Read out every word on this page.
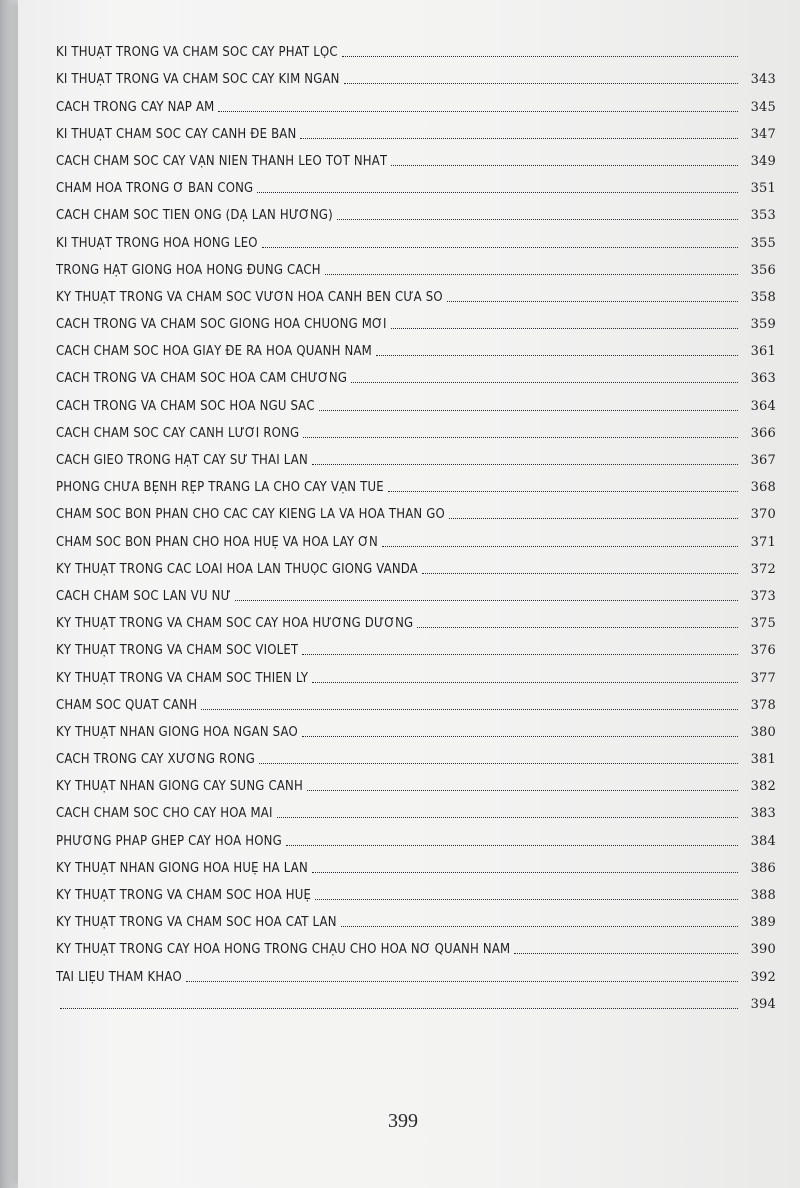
KĨ THUẬT TRỒNG VÀ CHĂM SÓC CÂY PHÁT LỘC
KĨ THUẬT TRỒNG VÀ CHĂM SÓC CÂY KIM NGÂN	343
CÁCH TRỒNG CÂY NẮP ẤM	345
KĨ THUẬT CHĂM SÓC CÂY CẢNH ĐỂ BÀN	347
CÁCH CHĂM SÓC CÂY VẠN NIÊN THANH LEO TỐT NHẤT	349
CHĂM HOA TRỒNG Ở BAN CÔNG	351
CÁCH CHĂM SÓC TIÊN ÔNG (DẠ LAN HƯƠNG)	353
KĨ THUẬT TRỒNG HOA HỒNG LEO	355
TRỒNG HẠT GIỐNG HOA HỒNG ĐÚNG CÁCH	356
KỸ THUẬT TRỒNG VÀ CHĂM SÓC VƯỜN HOA CẢNH BÊN CỬA SỔ	358
CÁCH TRỒNG VÀ CHĂM SÓC GIỐNG HOA CHUÔNG MỚI	359
CÁCH CHĂM SÓC HOA GIẤY ĐỂ RA HOA QUANH NĂM	361
CÁCH TRỒNG VÀ CHĂM SÓC HOA CẨM CHƯỚNG	363
CÁCH TRỒNG VÀ CHĂM SÓC HOA NGŨ SẮC	364
CÁCH CHĂM SÓC CÂY CẢNH LƯỠI RỒNG	366
CÁCH GIEO TRỒNG HẠT CÂY SỨ THÁI LAN	367
PHÒNG CHỮA BỆNH RỆP TRẮNG LÁ CHO CÂY VẠN TUẾ	368
CHĂM SÓC BÓN PHÂN CHO CÁC CÂY KIỂNG LÁ VÀ HOA THÂN GỖ	370
CHĂM SÓC BÓN PHÂN CHO HOA HUỆ VÀ HOA LAY ƠN	371
KỸ THUẬT TRỒNG CÁC LOÀI HOA LAN THUỘC GIỐNG VANDA	372
CÁCH CHĂM SÓC LAN VŨ NỮ	373
KỸ THUẬT TRỒNG VÀ CHĂM SÓC CÂY HOA HƯỚNG DƯƠNG	375
KỸ THUẬT TRỒNG VÀ CHĂM SÓC VIOLET	376
KỸ THUẬT TRỒNG VÀ CHĂM SÓC THIÊN LÝ	377
CHĂM SÓC QUẤT CẢNH	378
KỸ THUẬT NHÂN GIỐNG HOA NGÀN SAO	380
CÁCH TRỒNG CÂY XƯƠNG RỒNG	381
KỸ THUẬT NHÂN GIỐNG CÂY SUNG CẢNH	382
CÁCH CHĂM SÓC CHO CÂY HOA MAI	383
PHƯƠNG PHÁP GHÉP CÂY HOA HỒNG	384
KỸ THUẬT NHÂN GIỐNG HOA HUỆ HÀ LAN	386
KỸ THUẬT TRỒNG VÀ CHĂM SÓC HOA HUỆ	388
KỸ THUẬT TRỒNG VÀ CHĂM SÓC HOA CÁT LAN	389
KỸ THUẬT TRỒNG CÂY HOA HỒNG TRONG CHẬU CHO HOA NỞ QUANH NĂM	390
TÀI LIỆU THAM KHẢO	392
394
399
